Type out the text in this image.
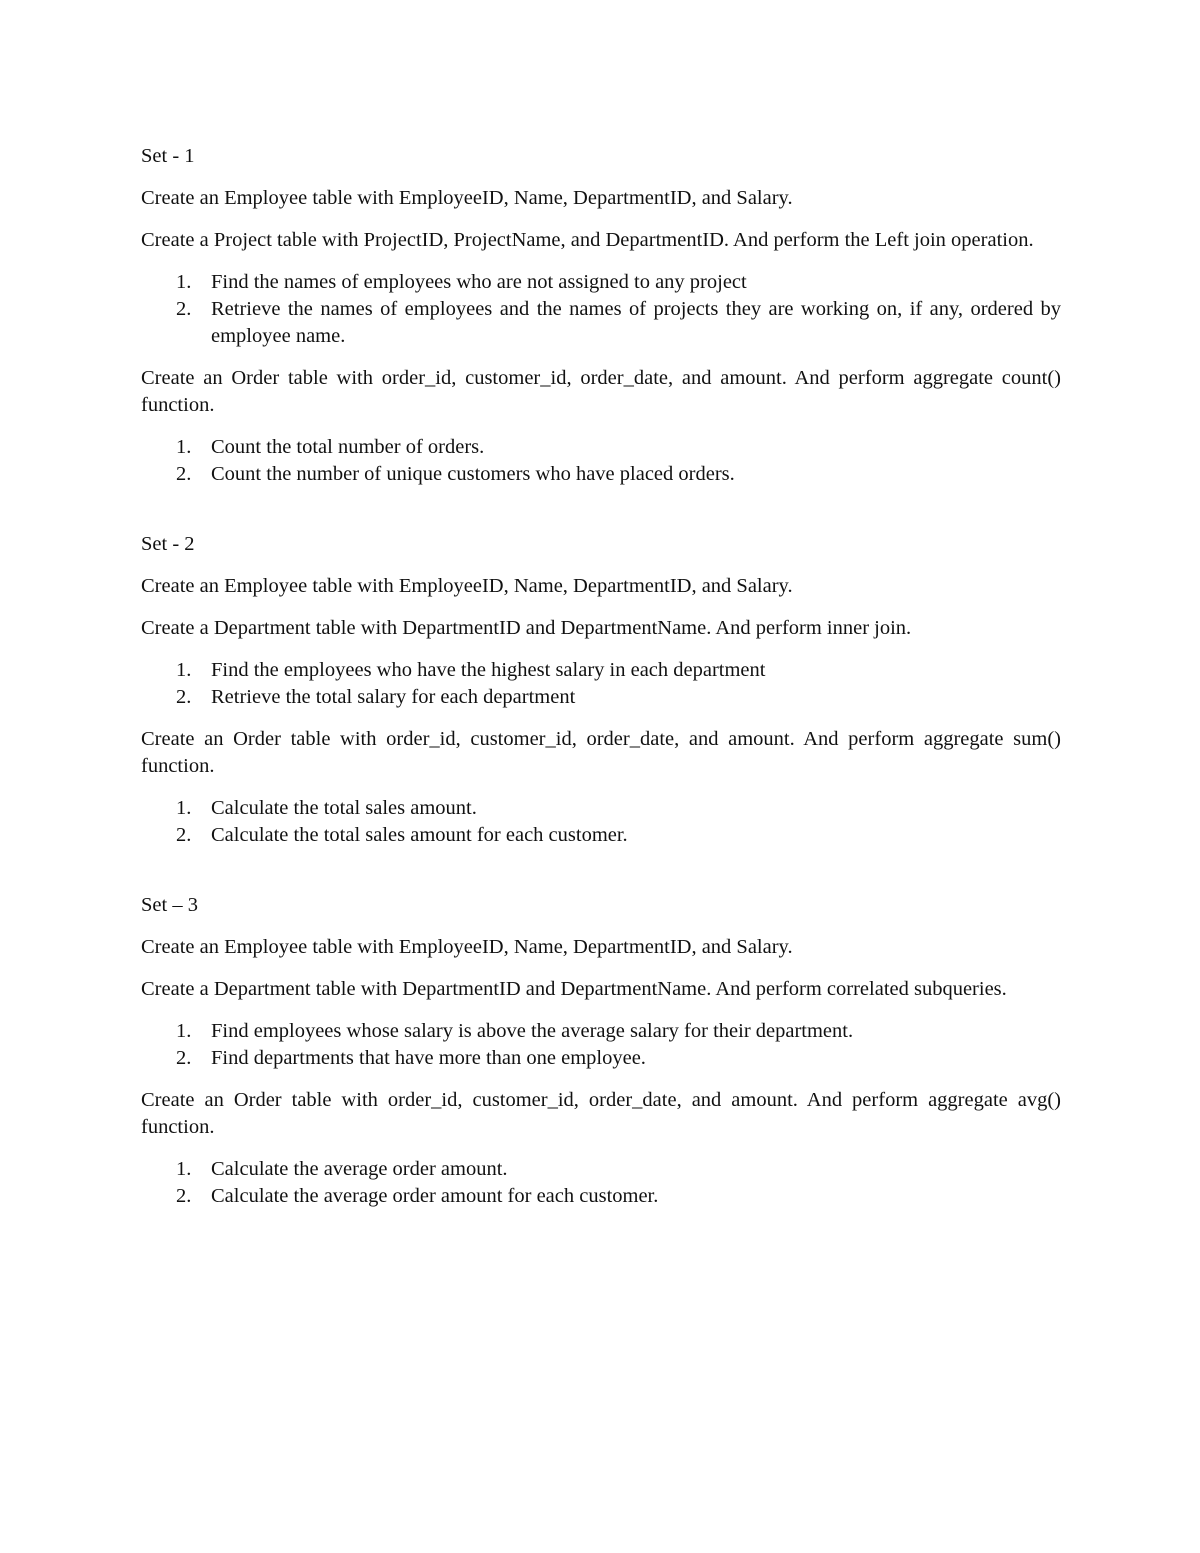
Set - 1

Create an Employee table with EmployeeID, Name, DepartmentID, and Salary.

Create a Project table with ProjectID, ProjectName, and DepartmentID. And perform the Left join operation.

1. Find the names of employees who are not assigned to any project
2. Retrieve the names of employees and the names of projects they are working on, if any, ordered by employee name.

Create an Order table with order_id, customer_id, order_date, and amount. And perform aggregate count() function.

1. Count the total number of orders.
2. Count the number of unique customers who have placed orders.

Set - 2

Create an Employee table with EmployeeID, Name, DepartmentID, and Salary.

Create a Department table with DepartmentID and DepartmentName. And perform inner join.

1. Find the employees who have the highest salary in each department
2. Retrieve the total salary for each department

Create an Order table with order_id, customer_id, order_date, and amount. And perform aggregate sum() function.

1. Calculate the total sales amount.
2. Calculate the total sales amount for each customer.

Set – 3

Create an Employee table with EmployeeID, Name, DepartmentID, and Salary.

Create a Department table with DepartmentID and DepartmentName. And perform correlated subqueries.

1. Find employees whose salary is above the average salary for their department.
2. Find departments that have more than one employee.

Create an Order table with order_id, customer_id, order_date, and amount. And perform aggregate avg() function.

1. Calculate the average order amount.
2. Calculate the average order amount for each customer.
